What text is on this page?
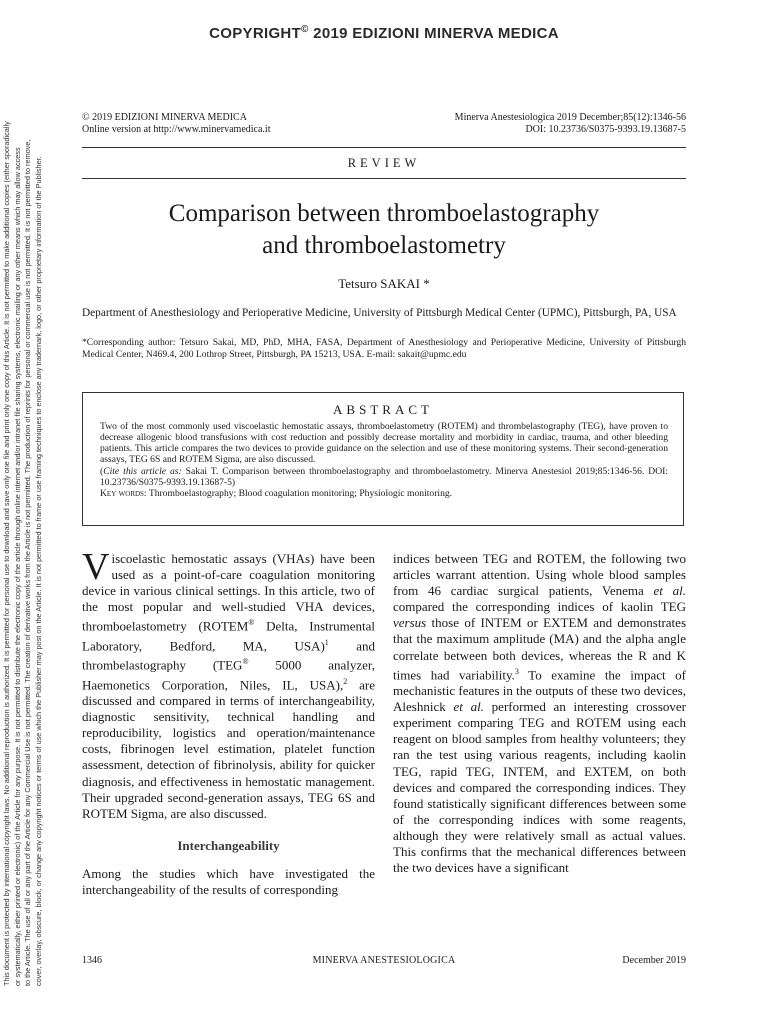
COPYRIGHT© 2019 EDIZIONI MINERVA MEDICA

This document is protected by international copyright laws. No additional reproduction is authorized. It is permitted for personal use to download and save only one file and print only one copy of this Article. It is not permitted to make additional copies (either sporadically or systematically, either printed or electronic) of the Article for any purpose. It is not permitted to distribute the electronic copy of the article through online internet and/or intranet file sharing systems, electronic mailing or any other means which may allow access to the Article. The use of all or any part of the Article for any Commercial Use is not permitted. The creation of derivative works from the Article is not permitted. The production of reprints for personal or commercial use is not permitted. It is not permitted to remove, cover, overlay, obscure, block, or change any copyright notices or terms of use which the Publisher may post on the Article. It is not permitted to frame or use framing techniques to enclose any trademark, logo, or other proprietary information of the Publisher.

© 2019 EDIZIONI MINERVA MEDICA
Online version at http://www.minervamedica.it
Minerva Anestesiologica 2019 December;85(12):1346-56
DOI: 10.23736/S0375-9393.19.13687-5
REVIEW
Comparison between thromboelastography
and thromboelastometry
Tetsuro SAKAI *
Department of Anesthesiology and Perioperative Medicine, University of Pittsburgh Medical Center (UPMC), Pittsburgh, PA, USA
*Corresponding author: Tetsuro Sakai, MD, PhD, MHA, FASA, Department of Anesthesiology and Perioperative Medicine, University of Pittsburgh Medical Center, N469.4, 200 Lothrop Street, Pittsburgh, PA 15213, USA. E-mail: sakait@upmc.edu
ABSTRACT

Two of the most commonly used viscoelastic hemostatic assays, thromboelastometry (ROTEM) and thrombelastography (TEG), have proven to decrease allogenic blood transfusions with cost reduction and possibly decrease mortality and morbidity in cardiac, trauma, and other bleeding patients. This article compares the two devices to provide guidance on the selection and use of these monitoring systems. Their second-generation assays, TEG 6S and ROTEM Sigma, are also discussed.

(Cite this article as: Sakai T. Comparison between thromboelastography and thromboelastometry. Minerva Anestesiol 2019;85:1346-56. DOI: 10.23736/S0375-9393.19.13687-5)

Key words: Thromboelastography; Blood coagulation monitoring; Physiologic monitoring.

Viscoelastic hemostatic assays (VHAs) have been used as a point-of-care coagulation monitoring device in various clinical settings. In this article, two of the most popular and well-studied VHA devices, thromboelastometry (ROTEM® Delta, Instrumental Laboratory, Bedford, MA, USA)$^1$ and thrombelastography (TEG® 5000 analyzer, Haemonetics Corporation, Niles, IL, USA),$^2$ are discussed and compared in terms of interchangeability, diagnostic sensitivity, technical handling and reproducibility, logistics and operation/maintenance costs, fibrinogen level estimation, platelet function assessment, detection of fibrinolysis, ability for quicker diagnosis, and effectiveness in hemostatic management. Their upgraded second-generation assays, TEG 6S and ROTEM Sigma, are also discussed.

Interchangeability

Among the studies which have investigated the interchangeability of the results of corresponding

indices between TEG and ROTEM, the following two articles warrant attention. Using whole blood samples from 46 cardiac surgical patients, Venema et al. compared the corresponding indices of kaolin TEG versus those of INTEM or EXTEM and demonstrates that the maximum amplitude (MA) and the alpha angle correlate between both devices, whereas the R and K times had variability.$^3$ To examine the impact of mechanistic features in the outputs of these two devices, Aleshnick et al. performed an interesting crossover experiment comparing TEG and ROTEM using each reagent on blood samples from healthy volunteers; they ran the test using various reagents, including kaolin TEG, rapid TEG, INTEM, and EXTEM, on both devices and compared the corresponding indices. They found statistically significant differences between some of the corresponding indices with some reagents, although they were relatively small as actual values. This confirms that the mechanical differences between the two devices have a significant

1346	MINERVA ANESTESIOLOGICA	December 2019
